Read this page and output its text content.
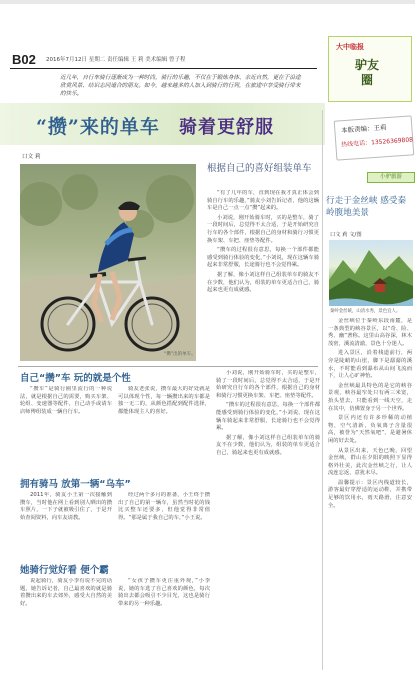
B02 2016年7月12日 星期二 责任编辑 王 莉 美术编辑 曾子程
大中临报
驴友圈
近几年，自行车骑行逐渐成为一种时尚，骑行的乐趣，不仅在于锻炼身体、亲近自然，更在于沿途欣赏风景、结识志同道合的朋友。如今，越来越多的人加入到骑行的行列，在旅途中享受骑行带来的快乐。
“攒”来的单车 骑着更舒服
口文 莉
“攒”出的单车。
根据自己的喜好组装单车

“有了几年的车，直到现在我才真正体会到骑自行车的乐趣，”骑友小刘告诉记者，他的这辆车是自己一点一点“攒”起来的。

小刘说，刚开始骑车时，买的是整车，骑了一段时间后，总觉得不太合适，于是开始研究自行车的各个部件，根据自己的身材和骑行习惯更换车架、车把、座垫等配件。

“攒车的过程很有意思，每换一个部件都能感受到骑行体验的变化，”小刘说，现在这辆车骑起来非常舒服，长途骑行也不会觉得累。

据了解，像小刘这样自己组装单车的骑友不在少数，他们认为，组装的单车更适合自己，骑起来也更有成就感。

自己“攒”车 玩的就是个性

“攒车”是骑行圈里流行的一种说法，就是根据自己的需要，购买车架、轮组、变速器等配件，自己动手或请车店师傅组装成一辆自行车。

骑友老张说，攒车最大的好处就是可以体现个性，每一辆攒出来的车都是独一无二的，从颜色搭配到配件选择，都能体现主人的喜好。

拥有骑马 放第一辆“乌车”

2011年，骑友小王第一次接触到攒车，当时他在网上看到别人晒出的攒车照片，一下子就被吸引住了，于是开始查阅资料，向车友请教。

经过两个多月的准备，小王终于攒出了自己的第一辆车，虽然当时花的钱比买整车还要多，但他觉得非常值得。“那是属于我自己的车，”小王说。

她骑行觉好看 便个霸

说起骑行，骑友小李有说不完的话题，她告诉记者，自己最喜欢的就是骑着攒出来的车去郊外，感受大自然的美好。

“女孩子攒车更注重外观，”小李说，她的车选了自己喜欢的颜色，每次骑出去都会吸引不少目光，这也是骑行带来的另一种乐趣。

小刘说，刚开始骑车时，买的是整车，骑了一段时间后，总觉得不太合适，于是开始研究自行车的各个部件，根据自己的身材和骑行习惯更换车架、车把、座垫等配件。

“攒车的过程很有意思，每换一个部件都能感受到骑行体验的变化，”小刘说，现在这辆车骑起来非常舒服，长途骑行也不会觉得累。

据了解，像小刘这样自己组装单车的骑友不在少数，他们认为，组装的单车更适合自己，骑起来也更有成就感。

本版责编：王莉
热线电话：13526369808
小驴旅游
行走于金丝峡 感受秦岭腹地美景
口文 莉 文/图
秦岭金丝峡，山清水秀，景色宜人。

金丝峡位于秦岭东段南麓，是一条典型的峡谷景区，以“奇、险、秀、幽”著称。这里山高谷深，林木茂密，溪流清澈，景色十分迷人。

进入景区，沿着栈道前行，两旁是陡峭的山崖，脚下是潺潺的溪水，不时能看到瀑布从山间飞流而下，让人心旷神怡。

金丝峡最具特色的是它的峡谷景观，峡谷最窄处只有两三米宽，抬头望去，只能看到一线天空，走在其中，仿佛置身于另一个世界。

景区内还有许多珍稀的动植物，空气清新，负氧离子含量很高，被誉为“天然氧吧”，是避暑休闲的好去处。

从景区出来，天色已晚，回望金丝峡，群山在夕阳的映照下显得格外壮美，此次金丝峡之行，让人流连忘返，意犹未尽。

温馨提示：景区内栈道较长，游客最好穿舒适的运动鞋，并携带足够的饮用水，雨天路滑，注意安全。
